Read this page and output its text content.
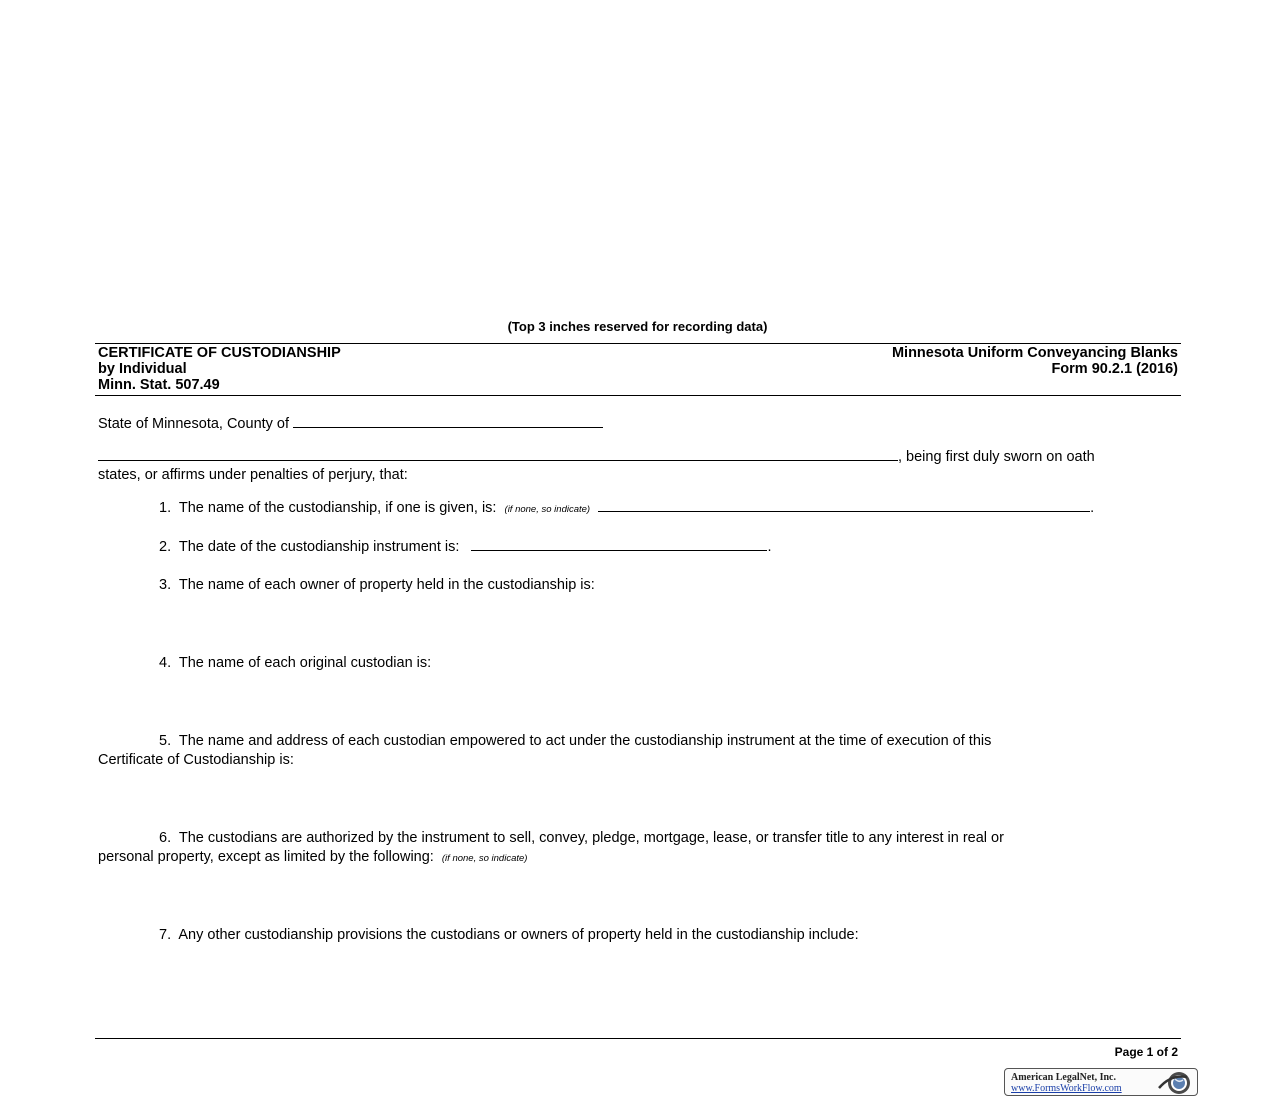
(Top 3 inches reserved for recording data)
CERTIFICATE OF CUSTODIANSHIP
by Individual
Minn. Stat. 507.49
Minnesota Uniform Conveyancing Blanks
Form 90.2.1 (2016)
State of Minnesota, County of
, being first duly sworn on oath
states, or affirms under penalties of perjury, that:
1. The name of the custodianship, if one is given, is: (if none, so indicate)	.
2. The date of the custodianship instrument is:	.
3. The name of each owner of property held in the custodianship is:
4. The name of each original custodian is:
5. The name and address of each custodian empowered to act under the custodianship instrument at the time of execution of this
Certificate of Custodianship is:
6. The custodians are authorized by the instrument to sell, convey, pledge, mortgage, lease, or transfer title to any interest in real or
personal property, except as limited by the following: (if none, so indicate)
7. Any other custodianship provisions the custodians or owners of property held in the custodianship include:
Page 1 of 2
American LegalNet, Inc.
www.FormsWorkFlow.com
